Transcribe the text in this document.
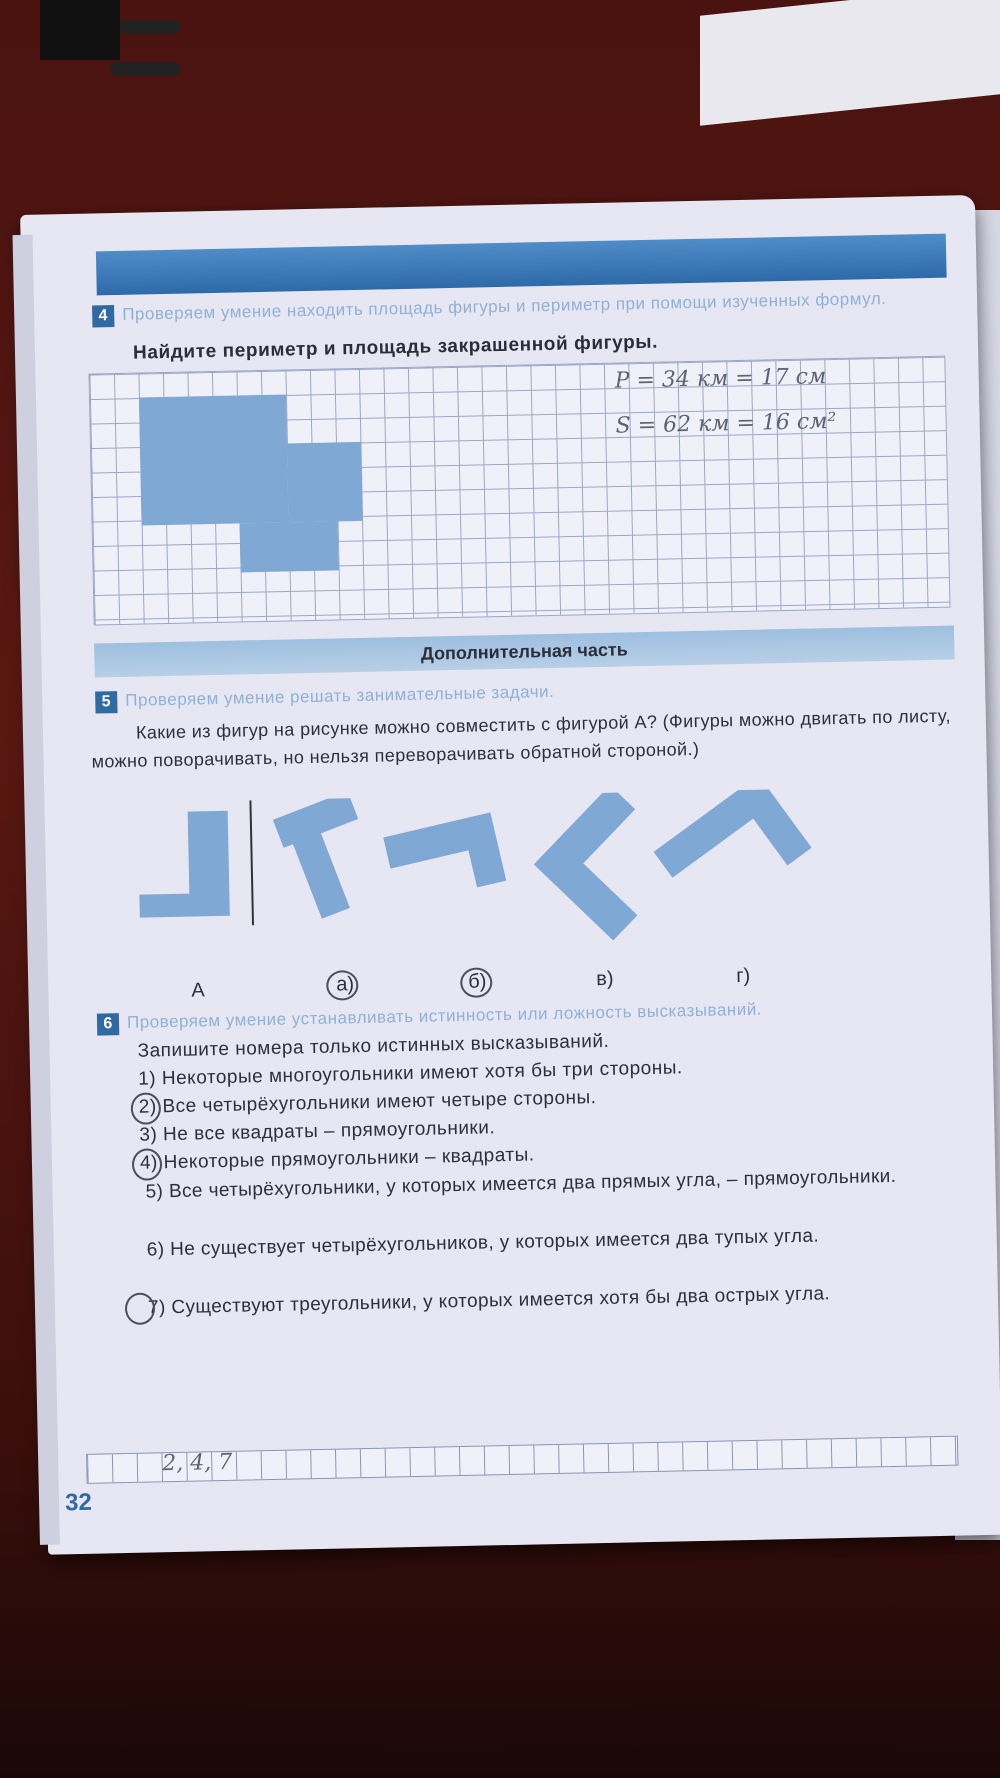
4 Проверяем умение находить площадь фигуры и периметр при помощи изученных формул.
Найдите периметр и площадь закрашенной фигуры.
P = 34 км = 17 см
S = 62 км = 16 см²
Дополнительная часть
5 Проверяем умение решать занимательные задачи.
Какие из фигур на рисунке можно совместить с фигурой А? (Фигуры можно двигать по листу, можно поворачивать, но нельзя переворачивать обратной стороной.)
А	а)	б)	в)	г)
6 Проверяем умение устанавливать истинность или ложность высказываний.
Запишите номера только истинных высказываний.
1) Некоторые многоугольники имеют хотя бы три стороны.
2) Все четырёхугольники имеют четыре стороны.
3) Не все квадраты – прямоугольники.
4) Некоторые прямоугольники – квадраты.
5) Все четырёхугольники, у которых имеется два прямых угла, – прямоугольники.
6) Не существует четырёхугольников, у которых имеется два тупых угла.
7) Существуют треугольники, у которых имеется хотя бы два острых угла.
2, 4, 7
32
